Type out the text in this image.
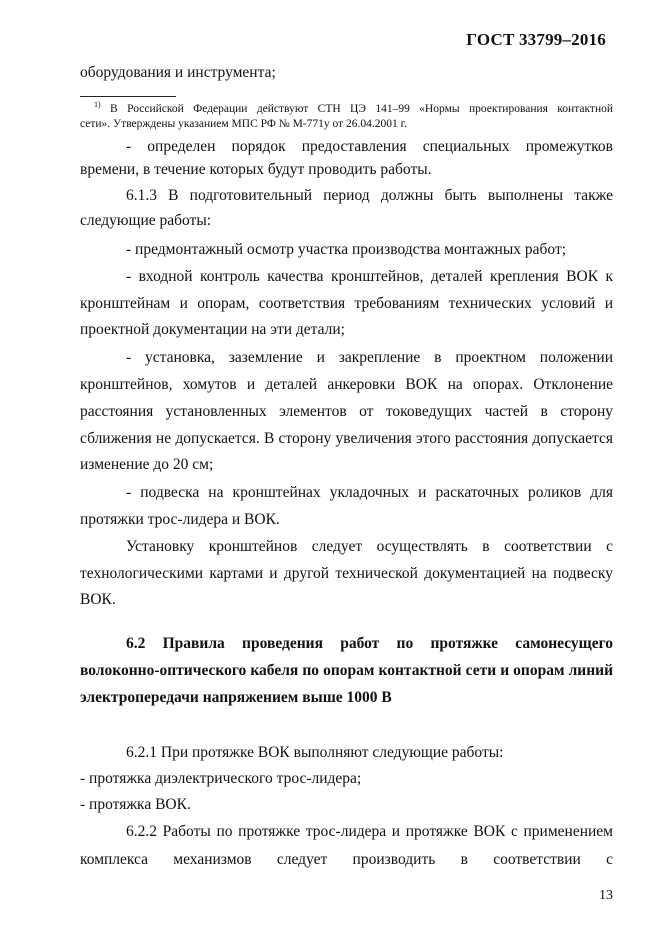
ГОСТ 33799–2016
оборудования и инструмента;
$^{1)}$ В Российской Федерации действуют СТН ЦЭ 141–99 «Нормы проектирования контактной
сети». Утверждены указанием МПС РФ № М-771у от 26.04.2001 г.
- определен порядок предоставления специальных промежутков
времени, в течение которых будут проводить работы.
6.1.3 В подготовительный период должны быть выполнены также
следующие работы:
- предмонтажный осмотр участка производства монтажных работ;
- входной контроль качества кронштейнов, деталей крепления ВОК к
кронштейнам и опорам, соответствия требованиям технических условий и
проектной документации на эти детали;
- установка, заземление и закрепление в проектном положении
кронштейнов, хомутов и деталей анкеровки ВОК на опорах. Отклонение
расстояния установленных элементов от токоведущих частей в сторону
сближения не допускается. В сторону увеличения этого расстояния допускается
изменение до 20 см;
- подвеска на кронштейнах укладочных и раскаточных роликов для
протяжки трос-лидера и ВОК.
Установку кронштейнов следует осуществлять в соответствии с
технологическими картами и другой технической документацией на подвеску
ВОК.
6.2 Правила проведения работ по протяжке самонесущего
волоконно-оптического кабеля по опорам контактной сети и опорам линий
электропередачи напряжением выше 1000 В
6.2.1 При протяжке ВОК выполняют следующие работы:
- протяжка диэлектрического трос-лидера;
- протяжка ВОК.
6.2.2 Работы по протяжке трос-лидера и протяжке ВОК с применением
комплекса механизмов следует производить в соответствии с
13
